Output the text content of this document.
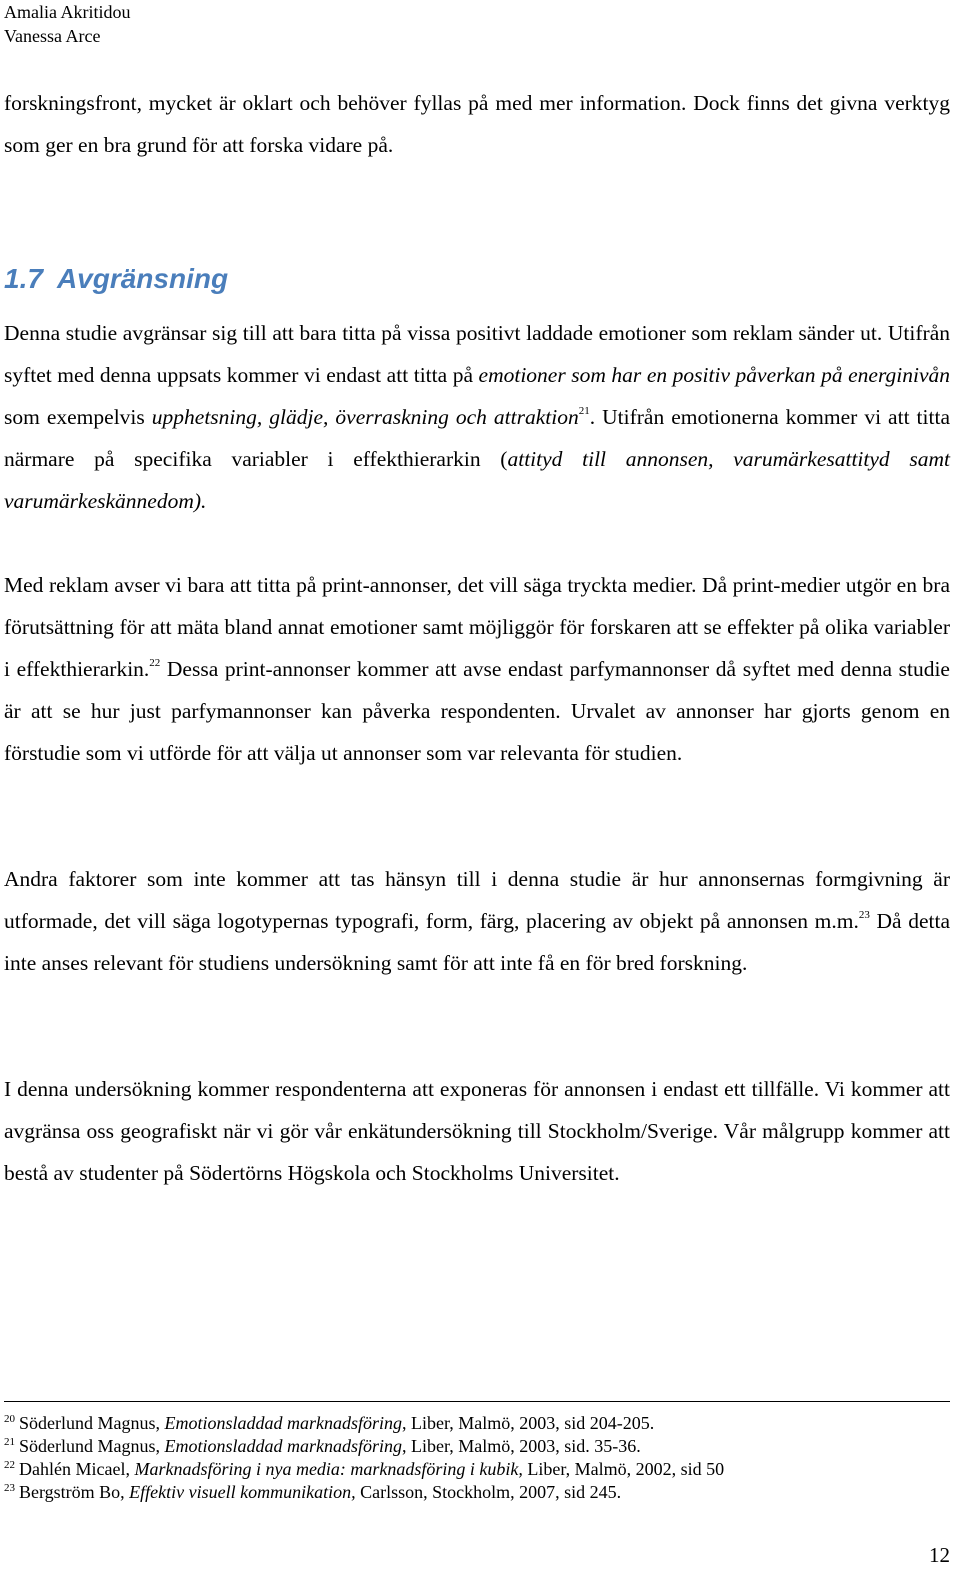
Amalia Akritidou
Vanessa Arce

forskningsfront, mycket är oklart och behöver fyllas på med mer information. Dock finns det givna verktyg som ger en bra grund för att forska vidare på.

1.7 Avgränsning

Denna studie avgränsar sig till att bara titta på vissa positivt laddade emotioner som reklam sänder ut. Utifrån syftet med denna uppsats kommer vi endast att titta på emotioner som har en positiv påverkan på energinivån som exempelvis upphetsning, glädje, överraskning och attraktion$^{21}$. Utifrån emotionerna kommer vi att titta närmare på specifika variabler i effekthierarkin (attityd till annonsen, varumärkesattityd samt varumärkeskännedom).

Med reklam avser vi bara att titta på print-annonser, det vill säga tryckta medier. Då print-medier utgör en bra förutsättning för att mäta bland annat emotioner samt möjliggör för forskaren att se effekter på olika variabler i effekthierarkin.$^{22}$ Dessa print-annonser kommer att avse endast parfymannonser då syftet med denna studie är att se hur just parfymannonser kan påverka respondenten. Urvalet av annonser har gjorts genom en förstudie som vi utförde för att välja ut annonser som var relevanta för studien.

Andra faktorer som inte kommer att tas hänsyn till i denna studie är hur annonsernas formgivning är utformade, det vill säga logotypernas typografi, form, färg, placering av objekt på annonsen m.m.$^{23}$ Då detta inte anses relevant för studiens undersökning samt för att inte få en för bred forskning.

I denna undersökning kommer respondenterna att exponeras för annonsen i endast ett tillfälle. Vi kommer att avgränsa oss geografiskt när vi gör vår enkätundersökning till Stockholm/Sverige. Vår målgrupp kommer att bestå av studenter på Södertörns Högskola och Stockholms Universitet.

$^{20}$ Söderlund Magnus, Emotionsladdad marknadsföring, Liber, Malmö, 2003, sid 204-205.
$^{21}$ Söderlund Magnus, Emotionsladdad marknadsföring, Liber, Malmö, 2003, sid. 35-36.
$^{22}$ Dahlén Micael, Marknadsföring i nya media: marknadsföring i kubik, Liber, Malmö, 2002, sid 50
$^{23}$ Bergström Bo, Effektiv visuell kommunikation, Carlsson, Stockholm, 2007, sid 245.
12
